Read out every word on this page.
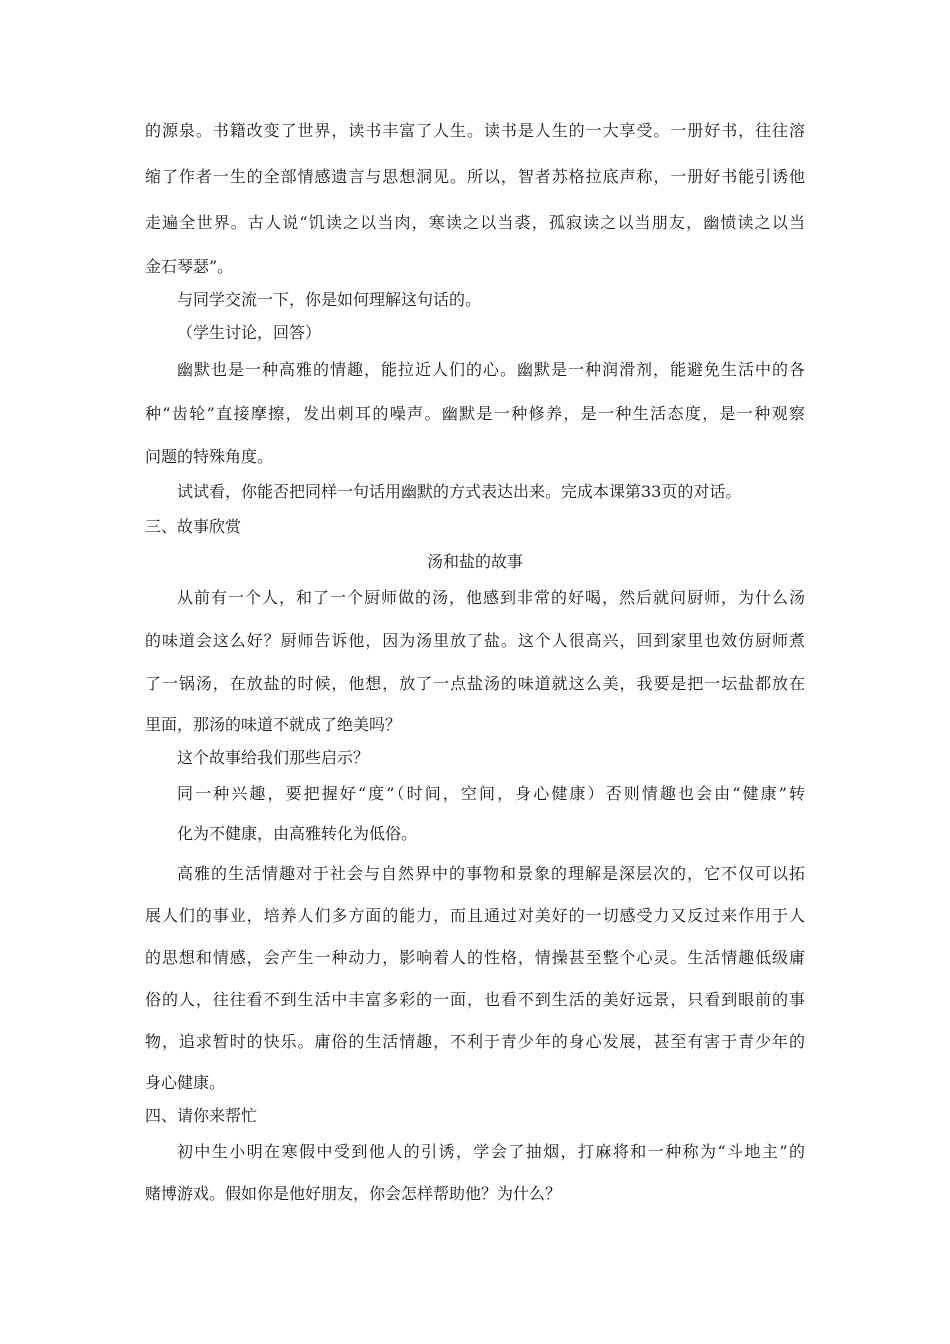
的源泉。书籍改变了世界，读书丰富了人生。读书是人生的一大享受。一册好书，往往溶
缩了作者一生的全部情感遗言与思想洞见。所以，智者苏格拉底声称，一册好书能引诱他
走遍全世界。古人说“饥读之以当肉，寒读之以当裘，孤寂读之以当朋友，幽愤读之以当
金石琴瑟”。
与同学交流一下，你是如何理解这句话的。
（学生讨论，回答）
幽默也是一种高雅的情趣，能拉近人们的心。幽默是一种润滑剂，能避免生活中的各
种“齿轮”直接摩擦，发出刺耳的噪声。幽默是一种修养，是一种生活态度，是一种观察
问题的特殊角度。
试试看，你能否把同样一句话用幽默的方式表达出来。完成本课第33页的对话。
三、故事欣赏
汤和盐的故事
从前有一个人，和了一个厨师做的汤，他感到非常的好喝，然后就问厨师，为什么汤
的味道会这么好？厨师告诉他，因为汤里放了盐。这个人很高兴，回到家里也效仿厨师煮
了一锅汤，在放盐的时候，他想，放了一点盐汤的味道就这么美，我要是把一坛盐都放在
里面，那汤的味道不就成了绝美吗？
这个故事给我们那些启示？
同一种兴趣，要把握好“度”（时间，空间，身心健康）否则情趣也会由“健康”转
化为不健康，由高雅转化为低俗。
高雅的生活情趣对于社会与自然界中的事物和景象的理解是深层次的，它不仅可以拓
展人们的事业，培养人们多方面的能力，而且通过对美好的一切感受力又反过来作用于人
的思想和情感，会产生一种动力，影响着人的性格，情操甚至整个心灵。生活情趣低级庸
俗的人，往往看不到生活中丰富多彩的一面，也看不到生活的美好远景，只看到眼前的事
物，追求暂时的快乐。庸俗的生活情趣，不利于青少年的身心发展，甚至有害于青少年的
身心健康。
四、请你来帮忙
初中生小明在寒假中受到他人的引诱，学会了抽烟，打麻将和一种称为“斗地主”的
赌博游戏。假如你是他好朋友，你会怎样帮助他？为什么？
